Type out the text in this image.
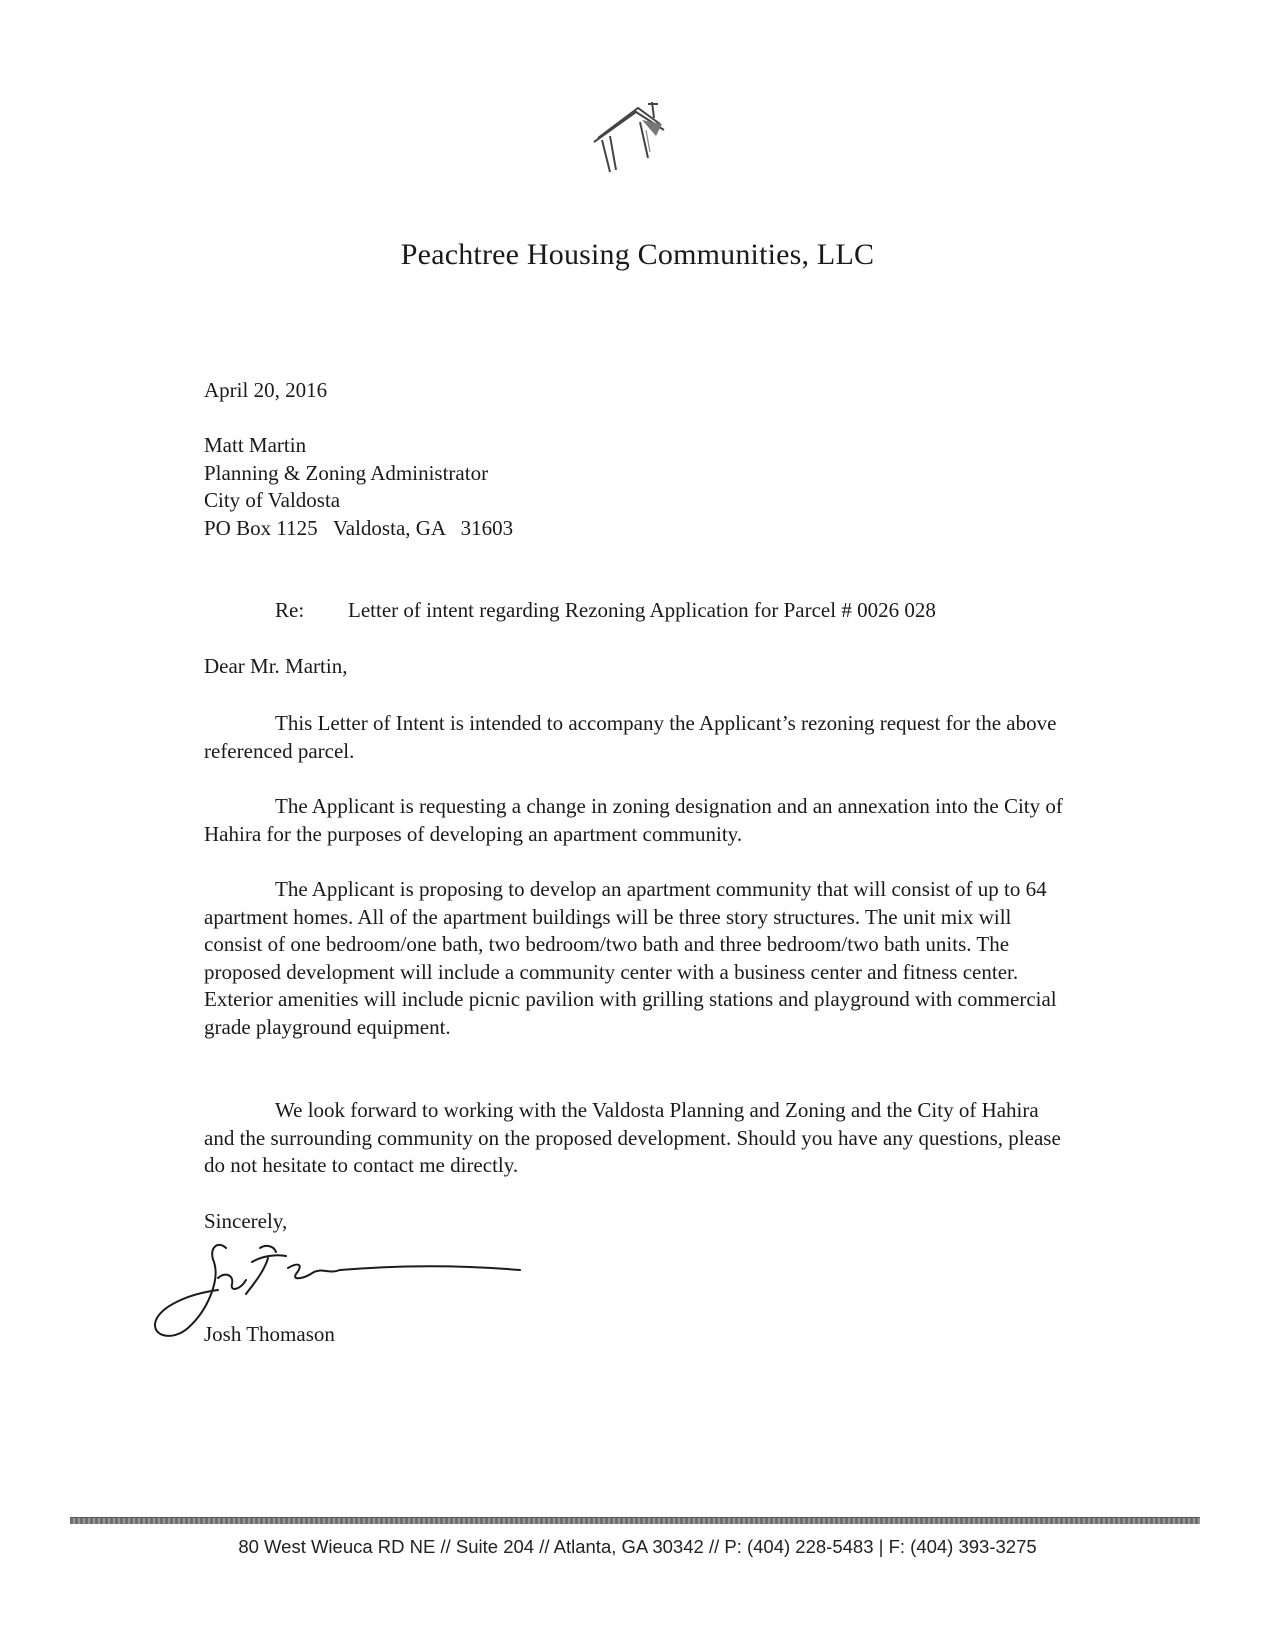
Peachtree Housing Communities, LLC
April 20, 2016
Matt Martin
Planning & Zoning Administrator
City of Valdosta
PO Box 1125   Valdosta, GA   31603
Re: Letter of intent regarding Rezoning Application for Parcel # 0026 028
Dear Mr. Martin,

This Letter of Intent is intended to accompany the Applicant’s rezoning request for the above referenced parcel.

The Applicant is requesting a change in zoning designation and an annexation into the City of Hahira for the purposes of developing an apartment community.

The Applicant is proposing to develop an apartment community that will consist of up to 64 apartment homes. All of the apartment buildings will be three story structures. The unit mix will consist of one bedroom/one bath, two bedroom/two bath and three bedroom/two bath units. The proposed development will include a community center with a business center and fitness center. Exterior amenities will include picnic pavilion with grilling stations and playground with commercial grade playground equipment.

We look forward to working with the Valdosta Planning and Zoning and the City of Hahira and the surrounding community on the proposed development. Should you have any questions, please do not hesitate to contact me directly.

Sincerely,
Josh Thomason
80 West Wieuca RD NE // Suite 204 // Atlanta, GA 30342 // P: (404) 228-5483 | F: (404) 393-3275
